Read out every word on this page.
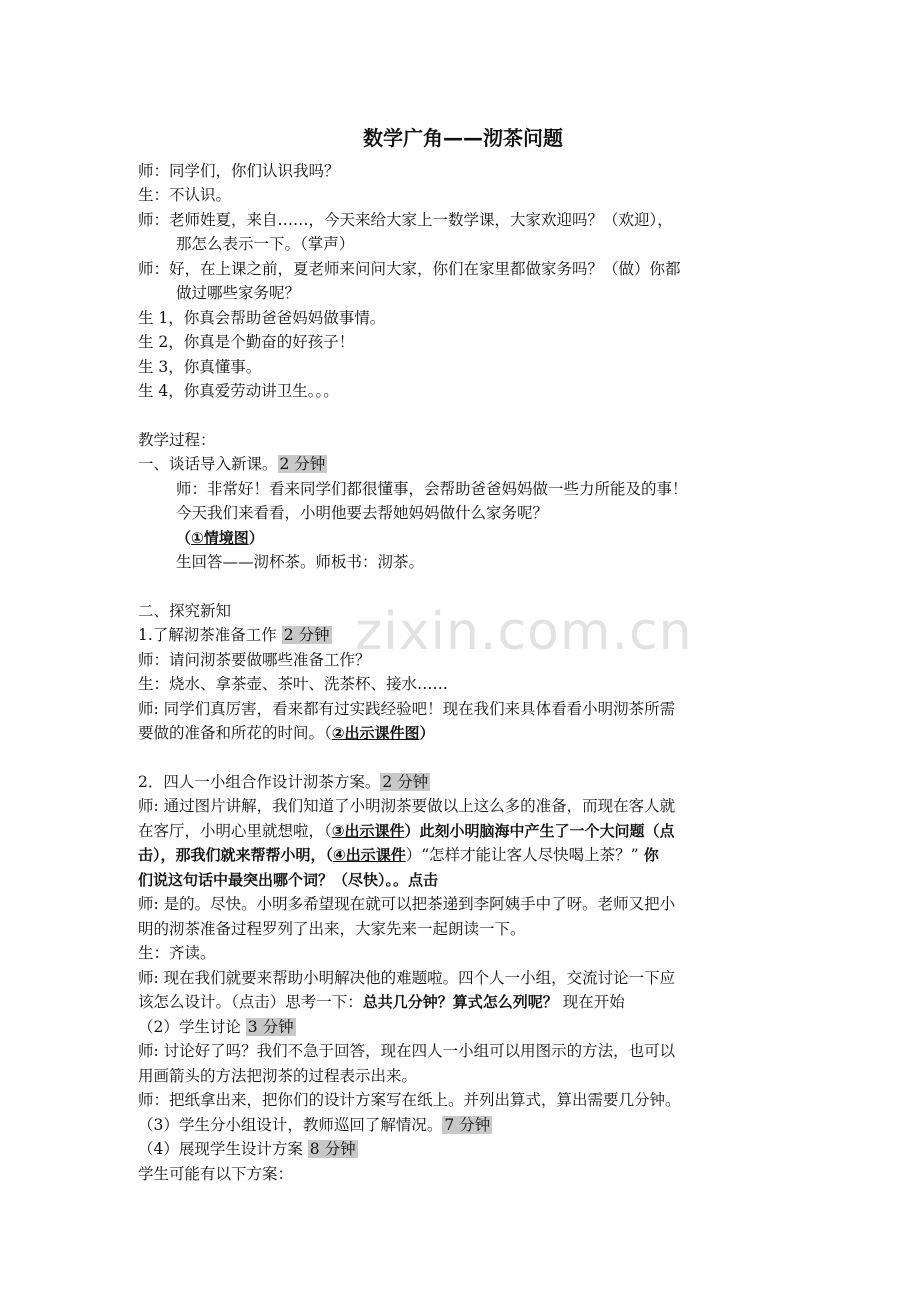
zixin.com.cn
数学广角——沏茶问题
师：同学们，你们认识我吗？
生：不认识。
师：老师姓夏，来自……，今天来给大家上一数学课，大家欢迎吗？（欢迎），
那怎么表示一下。（掌声）
师：好，在上课之前，夏老师来问问大家，你们在家里都做家务吗？（做）你都
做过哪些家务呢？
生 1，你真会帮助爸爸妈妈做事情。
生 2，你真是个勤奋的好孩子！
生 3，你真懂事。
生 4，你真爱劳动讲卫生。。。
教学过程：
一、谈话导入新课。 2 分钟
师：非常好！看来同学们都很懂事，会帮助爸爸妈妈做一些力所能及的事！
今天我们来看看，小明他要去帮她妈妈做什么家务呢？
（①情境图）
生回答——沏杯茶。师板书：沏茶。
二、探究新知
1.了解沏茶准备工作 2 分钟
师：请问沏茶要做哪些准备工作？
生：烧水、拿茶壶、茶叶、洗茶杯、接水……
师: 同学们真厉害，看来都有过实践经验吧！现在我们来具体看看小明沏茶所需
要做的准备和所花的时间。（②出示课件图）
2．四人一小组合作设计沏茶方案。 2 分钟
师: 通过图片讲解，我们知道了小明沏茶要做以上这么多的准备，而现在客人就
在客厅，小明心里就想啦，（③出示课件）此刻小明脑海中产生了一个大问题（点
击），那我们就来帮帮小明，（④出示课件）“怎样才能让客人尽快喝上茶？” 你
们说这句话中最突出哪个词？（尽快）。。点击
师: 是的。尽快。小明多希望现在就可以把茶递到李阿姨手中了呀。老师又把小
明的沏茶准备过程罗列了出来，大家先来一起朗读一下。
生：齐读。
师: 现在我们就要来帮助小明解决他的难题啦。四个人一小组，交流讨论一下应
该怎么设计。（点击）思考一下：总共几分钟？算式怎么列呢？ 现在开始
（2）学生讨论 3 分钟
师: 讨论好了吗？我们不急于回答，现在四人一小组可以用图示的方法，也可以
用画箭头的方法把沏茶的过程表示出来。
师：把纸拿出来，把你们的设计方案写在纸上。并列出算式，算出需要几分钟。
（3）学生分小组设计，教师巡回了解情况。 7 分钟
（4）展现学生设计方案 8 分钟
学生可能有以下方案：
